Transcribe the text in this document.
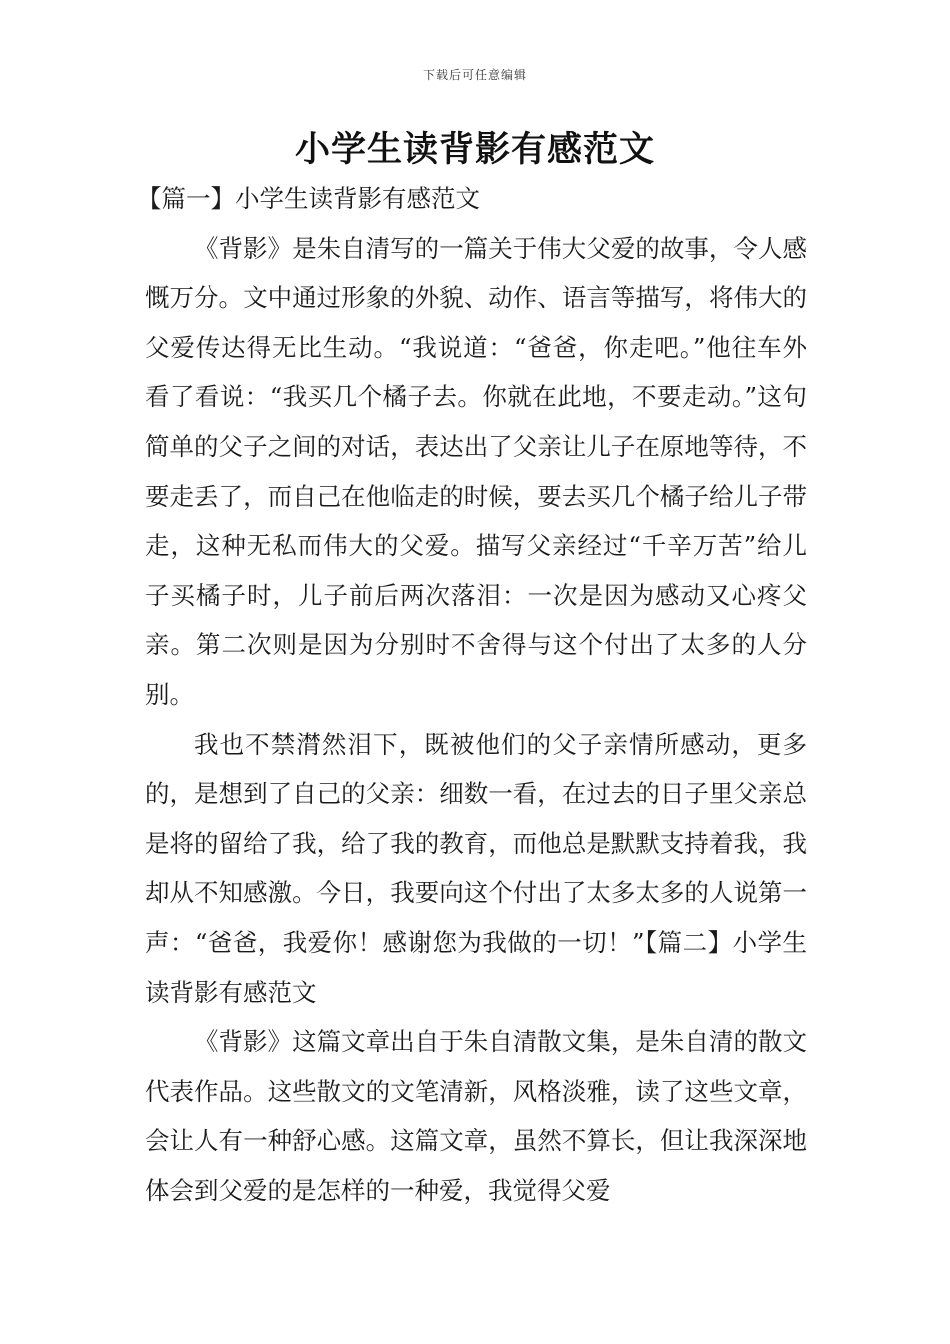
下载后可任意编辑
小学生读背影有感范文

【篇一】小学生读背影有感范文

《背影》是朱自清写的一篇关于伟大父爱的故事，令人感慨万分。文中通过形象的外貌、动作、语言等描写，将伟大的父爱传达得无比生动。“我说道：“爸爸，你走吧。”他往车外看了看说：“我买几个橘子去。你就在此地，不要走动。”这句简单的父子之间的对话，表达出了父亲让儿子在原地等待，不要走丢了，而自己在他临走的时候，要去买几个橘子给儿子带走，这种无私而伟大的父爱。描写父亲经过“千辛万苦”给儿子买橘子时，儿子前后两次落泪：一次是因为感动又心疼父亲。第二次则是因为分别时不舍得与这个付出了太多的人分别。

我也不禁潸然泪下，既被他们的父子亲情所感动，更多的，是想到了自己的父亲：细数一看，在过去的日子里父亲总是将的留给了我，给了我的教育，而他总是默默支持着我，我却从不知感激。今日，我要向这个付出了太多太多的人说第一声：“爸爸，我爱你！感谢您为我做的一切！”【篇二】小学生读背影有感范文

《背影》这篇文章出自于朱自清散文集，是朱自清的散文代表作品。这些散文的文笔清新，风格淡雅，读了这些文章，会让人有一种舒心感。这篇文章，虽然不算长，但让我深深地体会到父爱的是怎样的一种爱，我觉得父爱
